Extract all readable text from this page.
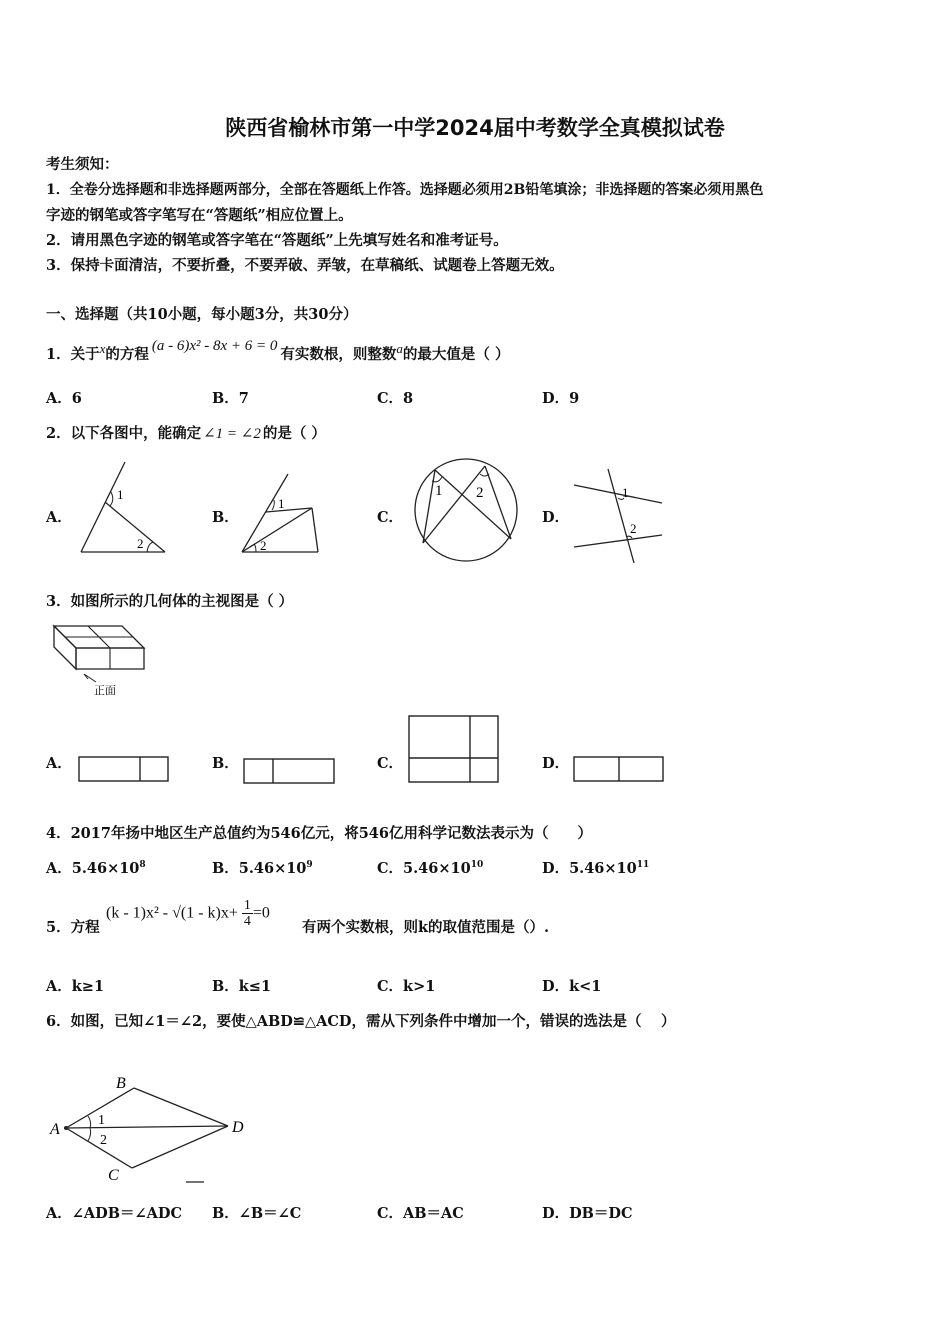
陕西省榆林市第一中学2024届中考数学全真模拟试卷
考生须知：
1．全卷分选择题和非选择题两部分，全部在答题纸上作答。选择题必须用2B铅笔填涂；非选择题的答案必须用黑色
字迹的钢笔或答字笔写在“答题纸”相应位置上。
2．请用黑色字迹的钢笔或答字笔在“答题纸”上先填写姓名和准考证号。
3．保持卡面清洁，不要折叠，不要弄破、弄皱，在草稿纸、试题卷上答题无效。
一、选择题（共10小题，每小题3分，共30分）
1．关于$^x$的方程 (a - 6)x² - 8x + 6 = 0 有实数根，则整数$^a$的最大值是（ ）
A．6	B．7	C．8	D．9
2．以下各图中，能确定 ∠1 = ∠2 的是（ ）
A．	B．	C．	D．
1
2
1
2
1 2	1
2
3．如图所示的几何体的主视图是（ ）
正面
A．	B．	C．	D．
4．2017年扬中地区生产总值约为546亿元，将546亿用科学记数法表示为（　　）
A．$5.46\times 10^8$	B．$5.46\times 10^9$	C．$5.46\times 10^{10}$	D．$5.46\times 10^{11}$
5．方程
$(k - 1)x^2 - √(1 - k)x+ \frac{1}{4} =0$
有两个实数根，则k的取值范围是（）.
A．k≥1	B．k≤1	C．k>1	D．k<1
6．如图，已知∠1＝∠2，要使△ABD≌△ACD，需从下列条件中增加一个，错误的选法是（　 ）
B
A	D
C
1
2
A．∠ADB＝∠ADC B．∠B＝∠C	C．AB＝AC	D．DB＝DC
